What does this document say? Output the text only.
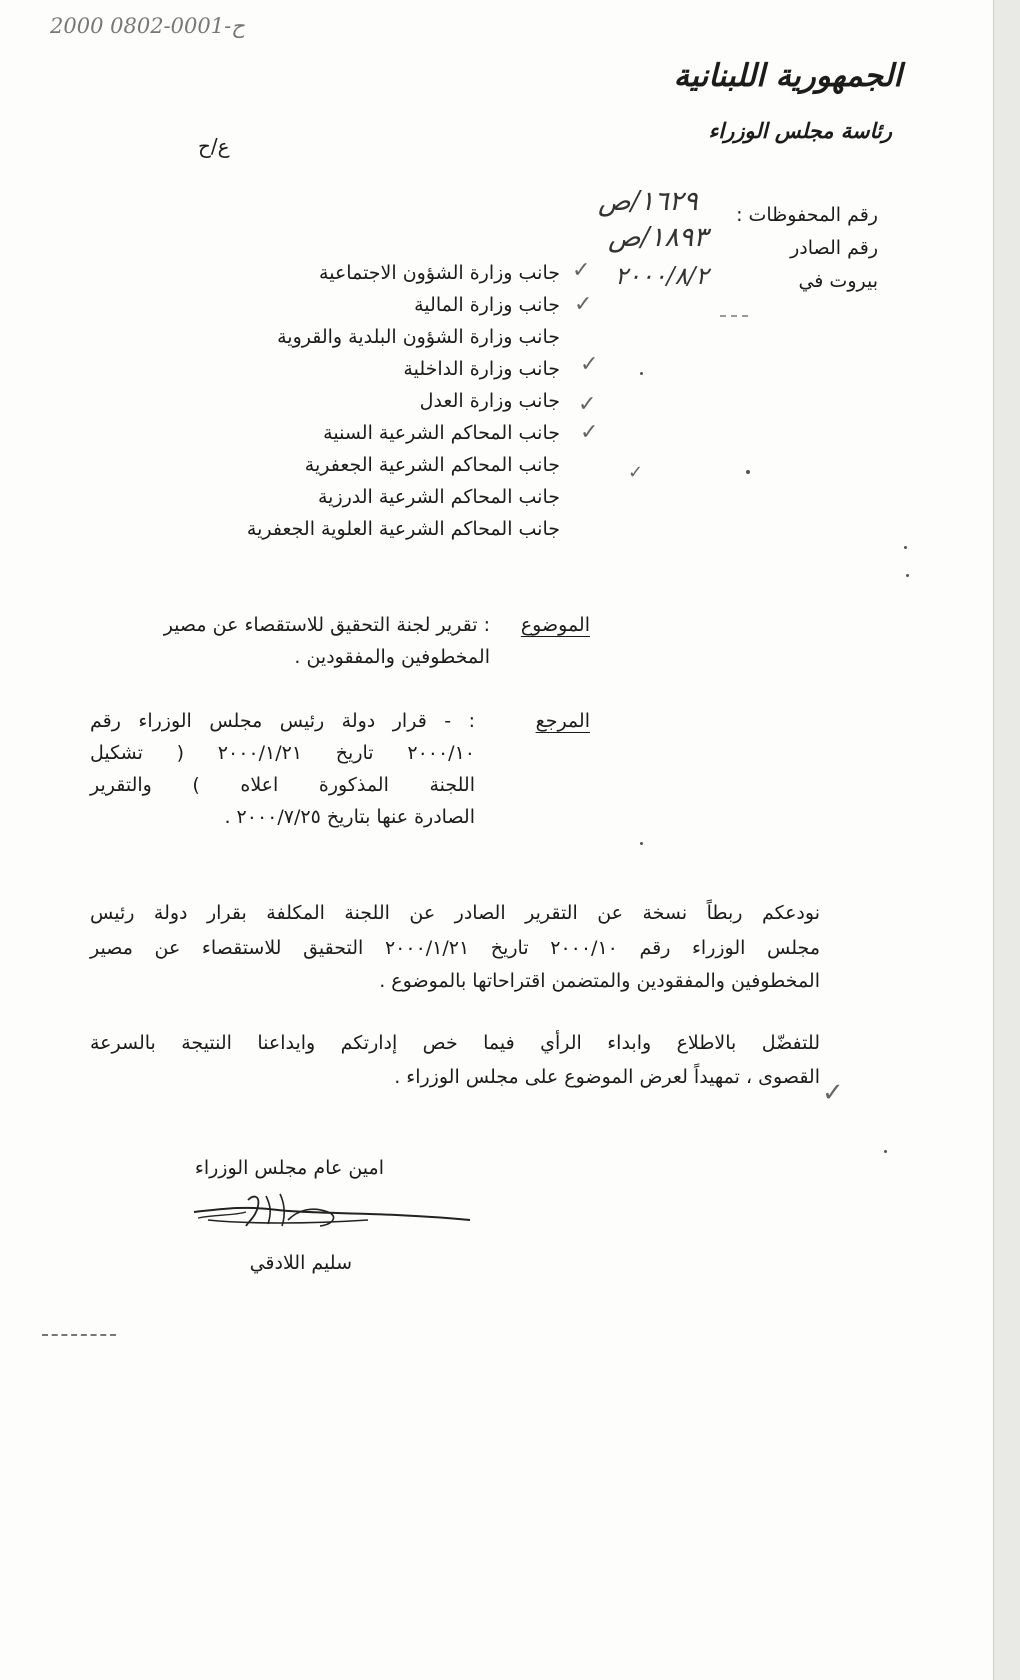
2000 0802-0001-ح
الجمهورية اللبنانية
رئاسة مجلس الوزراء
ع/ح
رقم المحفوظات :
رقم الصادر
بيروت في
١٦٢٩/ص
١٨٩٣/ص
٢٠٠٠/٨/٢
جانب وزارة الشؤون الاجتماعية
جانب وزارة المالية
جانب وزارة الشؤون البلدية والقروية
جانب وزارة الداخلية
جانب وزارة العدل
جانب المحاكم الشرعية السنية
جانب المحاكم الشرعية الجعفرية
جانب المحاكم الشرعية الدرزية
جانب المحاكم الشرعية العلوية الجعفرية
✓
✓
✓
✓
✓
✓
الموضوع
: تقرير لجنة التحقيق للاستقصاء عن مصير
المخطوفين والمفقودين .
المرجع
: - قرار دولة رئيس مجلس الوزراء رقم
٢٠٠٠/١٠ تاريخ ٢٠٠٠/١/٢١ ( تشكيل
اللجنة المذكورة اعلاه ) والتقرير
الصادرة عنها بتاريخ ٢٠٠٠/٧/٢٥ .
نودعكم ربطاً نسخة عن التقرير الصادر عن اللجنة المكلفة بقرار دولة رئيس
مجلس الوزراء رقم ٢٠٠٠/١٠ تاريخ ٢٠٠٠/١/٢١ التحقيق للاستقصاء عن مصير
المخطوفين والمفقودين والمتضمن اقتراحاتها بالموضوع .
للتفضّل بالاطلاع وابداء الرأي فيما خص إدارتكم وايداعنا النتيجة بالسرعة
القصوى ، تمهيداً لعرض الموضوع على مجلس الوزراء .
✓
امين عام مجلس الوزراء
سليم اللادقي
